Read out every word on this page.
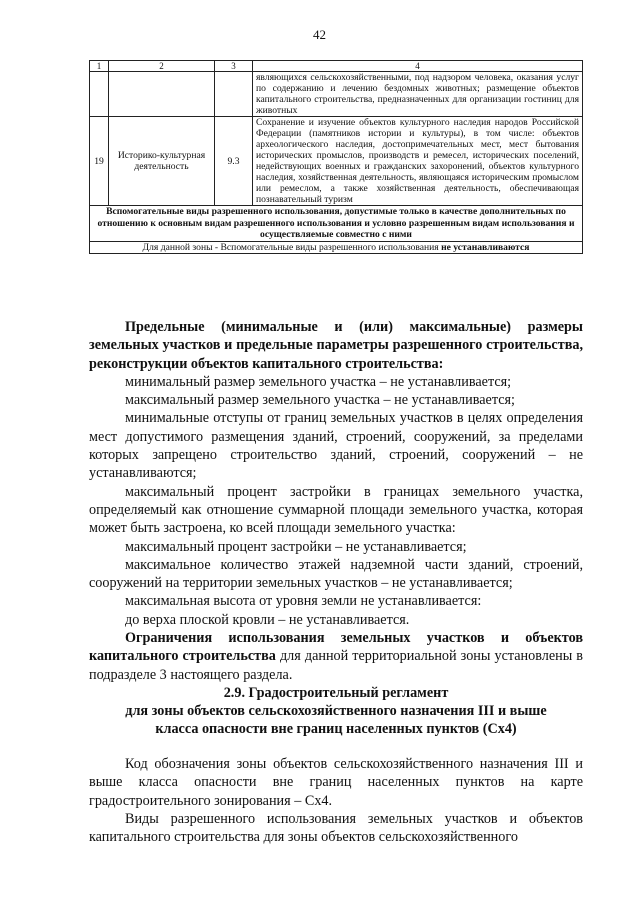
42
1	2	3	4
			являющихся сельскохозяйственными, под надзором человека, оказания услуг по содержанию и лечению бездомных животных; размещение объектов капитального строительства, предназначенных для организации гостиниц для животных
19	Историко-культурная деятельность	9.3	Сохранение и изучение объектов культурного наследия народов Российской Федерации (памятников истории и культуры), в том числе: объектов археологического наследия, достопримечательных мест, мест бытования исторических промыслов, производств и ремесел, исторических поселений, недействующих военных и гражданских захоронений, объектов культурного наследия, хозяйственная деятельность, являющаяся историческим промыслом или ремеслом, а также хозяйственная деятельность, обеспечивающая познавательный туризм
Вспомогательные виды разрешенного использования, допустимые только в качестве дополнительных по отношению к основным видам разрешенного использования и условно разрешенным видам использования и осуществляемые совместно с ними			
Для данной зоны - Вспомогательные виды разрешенного использования не устанавливаются			

Предельные (минимальные и (или) максимальные) размеры земельных участков и предельные параметры разрешенного строительства, реконструкции объектов капитального строительства:

минимальный размер земельного участка – не устанавливается;

максимальный размер земельного участка – не устанавливается;

минимальные отступы от границ земельных участков в целях определения мест допустимого размещения зданий, строений, сооружений, за пределами которых запрещено строительство зданий, строений, сооружений – не устанавливаются;

максимальный процент застройки в границах земельного участка, определяемый как отношение суммарной площади земельного участка, которая может быть застроена, ко всей площади земельного участка:

максимальный процент застройки – не устанавливается;

максимальное количество этажей надземной части зданий, строений, сооружений на территории земельных участков – не устанавливается;

максимальная высота от уровня земли не устанавливается:

до верха плоской кровли – не устанавливается.

Ограничения использования земельных участков и объектов капитального строительства для данной территориальной зоны установлены в подразделе 3 настоящего раздела.

2.9. Градостроительный регламент
для зоны объектов сельскохозяйственного назначения III и выше
класса опасности вне границ населенных пунктов (Сх4)

Код обозначения зоны объектов сельскохозяйственного назначения III и выше класса опасности вне границ населенных пунктов на карте градостроительного зонирования – Сх4.

Виды разрешенного использования земельных участков и объектов капитального строительства для зоны объектов сельскохозяйственного
